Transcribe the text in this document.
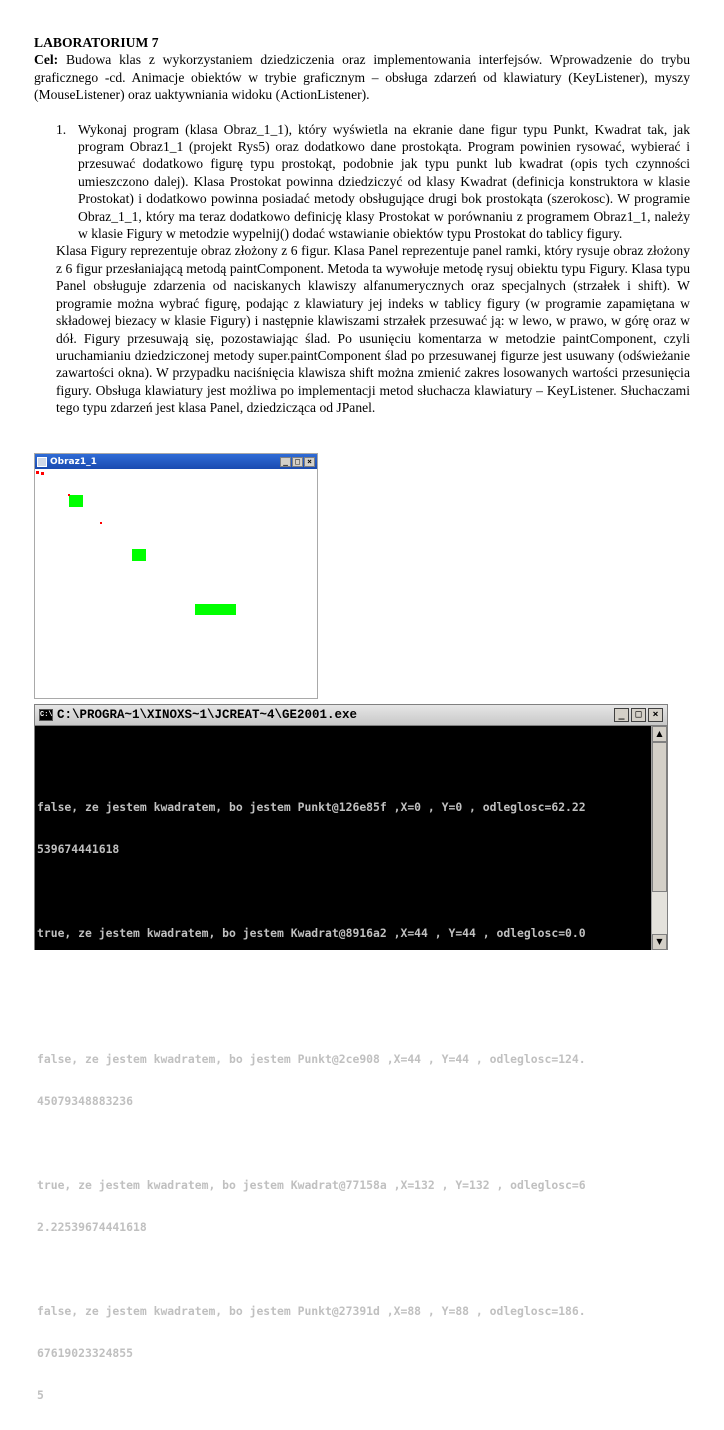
LABORATORIUM 7

Cel: Budowa klas z wykorzystaniem dziedziczenia oraz implementowania interfejsów. Wprowadzenie do trybu graficznego -cd. Animacje obiektów w trybie graficznym – obsługa zdarzeń od klawiatury (KeyListener), myszy (MouseListener) oraz uaktywniania widoku (ActionListener).

1. Wykonaj program (klasa Obraz_1_1), który wyświetla na ekranie dane figur typu Punkt, Kwadrat tak, jak program Obraz1_1 (projekt Rys5) oraz dodatkowo dane prostokąta. Program powinien rysować, wybierać i przesuwać dodatkowo figurę typu prostokąt, podobnie jak typu punkt lub kwadrat (opis tych czynności umieszczono dalej). Klasa Prostokat powinna dziedziczyć od klasy Kwadrat (definicja konstruktora w klasie Prostokat) i dodatkowo powinna posiadać metody obsługujące drugi bok prostokąta (szerokosc). W programie Obraz_1_1, który ma teraz dodatkowo definicję klasy Prostokat w porównaniu z programem Obraz1_1, należy w klasie Figury w metodzie wypelnij() dodać wstawianie obiektów typu Prostokat do tablicy figury.

Klasa Figury reprezentuje obraz złożony z 6 figur. Klasa Panel reprezentuje panel ramki, który rysuje obraz złożony z 6 figur przesłaniającą metodą paintComponent. Metoda ta wywołuje metodę rysuj obiektu typu Figury. Klasa typu Panel obsługuje zdarzenia od naciskanych klawiszy alfanumerycznych oraz specjalnych (strzałek i shift). W programie można wybrać figurę, podając z klawiatury jej indeks w tablicy figury (w programie zapamiętana w składowej biezacy w klasie Figury) i następnie klawiszami strzałek przesuwać ją: w lewo, w prawo, w górę oraz w dół. Figury przesuwają się, pozostawiając ślad. Po usunięciu komentarza w metodzie paintComponent, czyli uruchamianiu dziedziczonej metody super.paintComponent ślad po przesuwanej figurze jest usuwany (odświeżanie zawartości okna). W przypadku naciśnięcia klawisza shift można zmienić zakres losowanych wartości przesunięcia figury. Obsługa klawiatury jest możliwa po implementacji metod słuchacza klawiatury – KeyListener. Słuchaczami tego typu zdarzeń jest klasa Panel, dziedzicząca od JPanel.

Obraz1_1	_ □ ×
C:\ C:\PROGRA~1\XINOXS~1\JCREAT~4\GE2001.exe	_	□	×

false, ze jestem kwadratem, bo jestem Punkt@126e85f ,X=0 , Y=0 , odleglosc=62.22

539674441618

true, ze jestem kwadratem, bo jestem Kwadrat@8916a2 ,X=44 , Y=44 , odleglosc=0.0

false, ze jestem kwadratem, bo jestem Punkt@2ce908 ,X=44 , Y=44 , odleglosc=124.

45079348883236

true, ze jestem kwadratem, bo jestem Kwadrat@77158a ,X=132 , Y=132 , odleglosc=6

2.22539674441618

false, ze jestem kwadratem, bo jestem Punkt@27391d ,X=88 , Y=88 , odleglosc=186.

67619023324855

5

▲
▼
